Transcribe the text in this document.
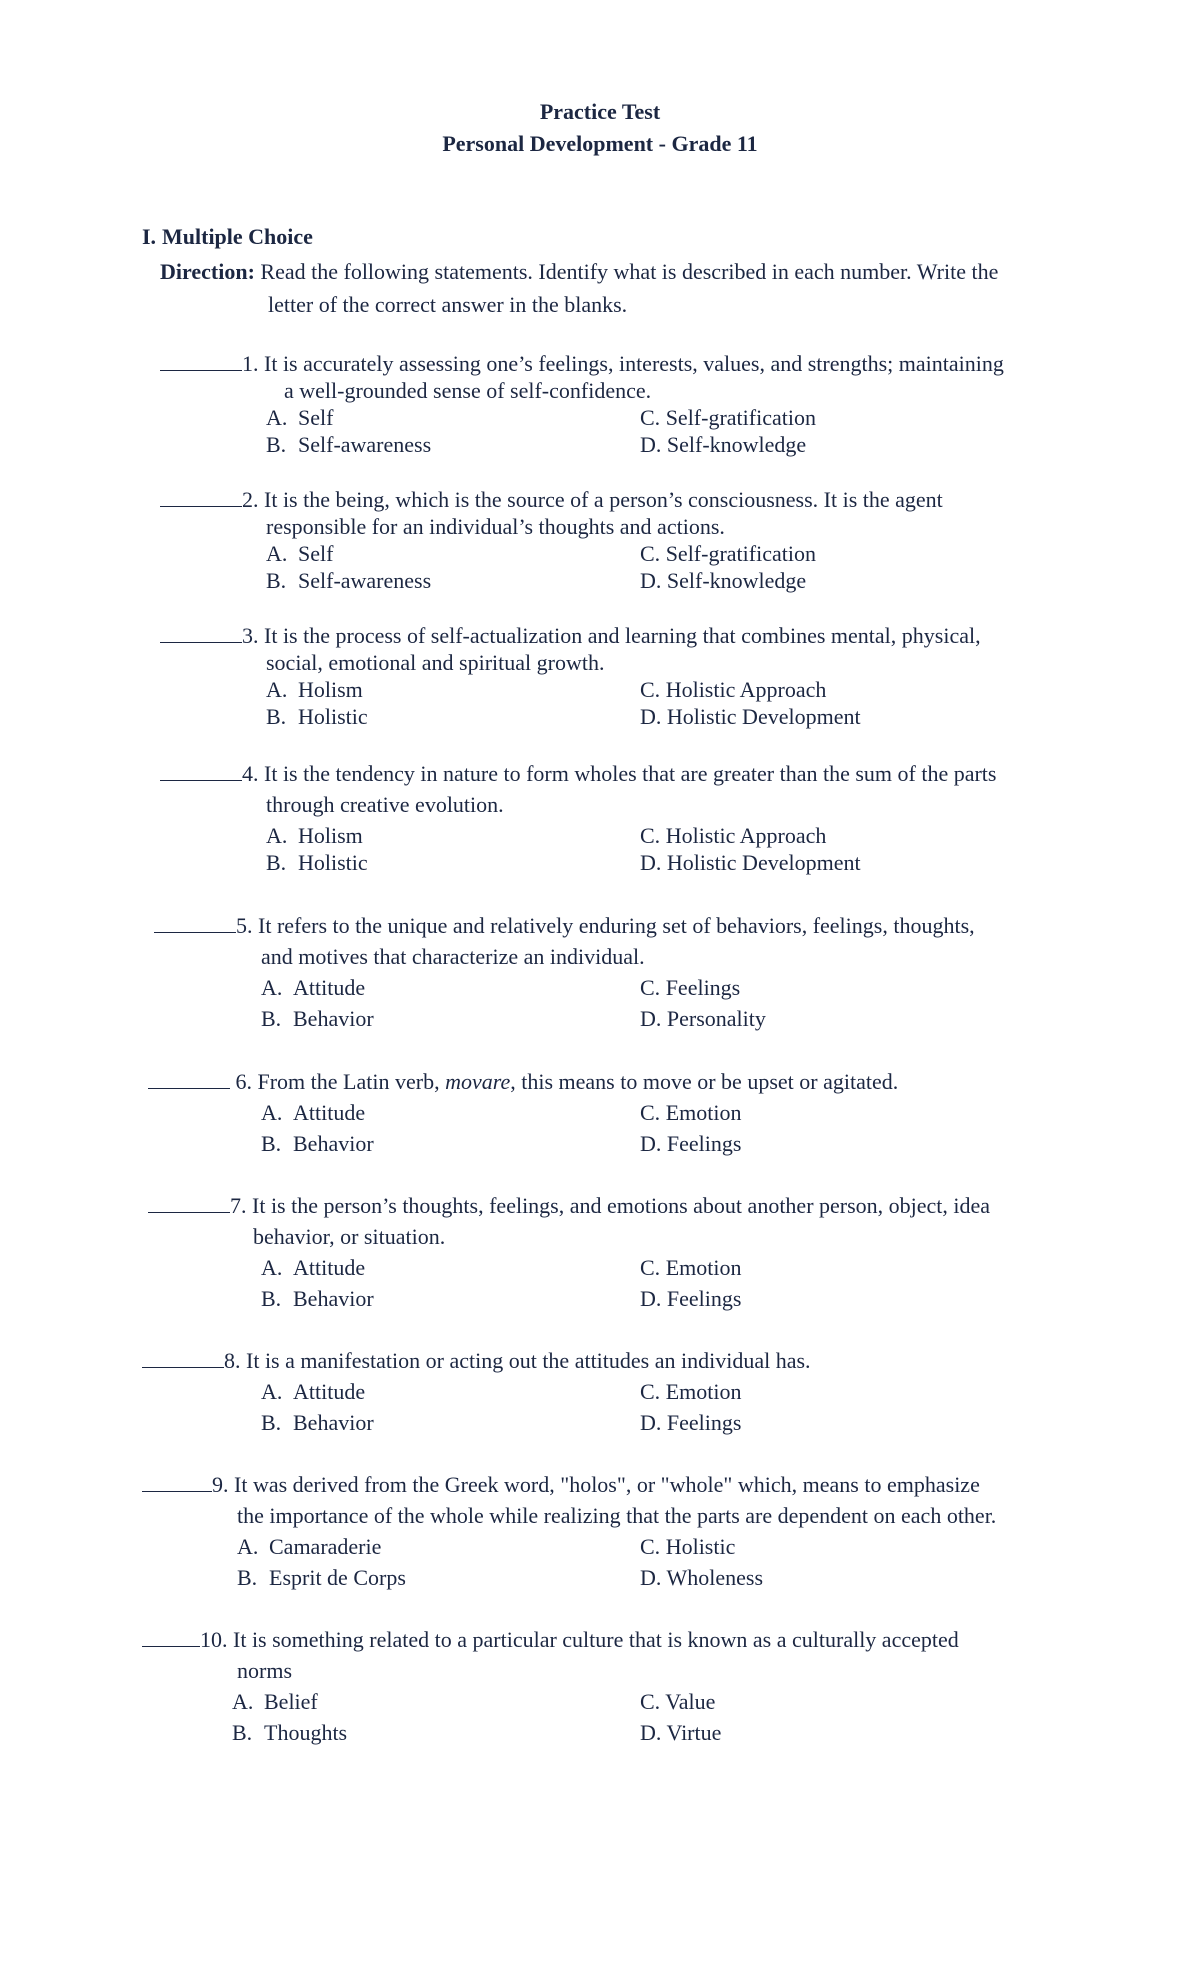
Practice Test
Personal Development - Grade 11
I. Multiple Choice
Direction: Read the following statements. Identify what is described in each number. Write the
letter of the correct answer in the blanks.
1. It is accurately assessing one’s feelings, interests, values, and strengths; maintaining
a well-grounded sense of self-confidence.
A. Self	C. Self-gratification
B. Self-awareness	D. Self-knowledge
2. It is the being, which is the source of a person’s consciousness. It is the agent
responsible for an individual’s thoughts and actions.
A. Self	C. Self-gratification
B. Self-awareness	D. Self-knowledge
3. It is the process of self-actualization and learning that combines mental, physical,
social, emotional and spiritual growth.
A. Holism	C. Holistic Approach
B. Holistic	D. Holistic Development
4. It is the tendency in nature to form wholes that are greater than the sum of the parts
through creative evolution.
A. Holism	C. Holistic Approach
B. Holistic	D. Holistic Development
5. It refers to the unique and relatively enduring set of behaviors, feelings, thoughts,
and motives that characterize an individual.
A. Attitude	C. Feelings
B. Behavior	D. Personality
6. From the Latin verb, movare, this means to move or be upset or agitated.
A. Attitude	C. Emotion
B. Behavior	D. Feelings
7. It is the person’s thoughts, feelings, and emotions about another person, object, idea
behavior, or situation.
A. Attitude	C. Emotion
B. Behavior	D. Feelings
8. It is a manifestation or acting out the attitudes an individual has.
A. Attitude	C. Emotion
B. Behavior	D. Feelings
9. It was derived from the Greek word, "holos", or "whole" which, means to emphasize
the importance of the whole while realizing that the parts are dependent on each other.
A. Camaraderie	C. Holistic
B. Esprit de Corps	D. Wholeness
10. It is something related to a particular culture that is known as a culturally accepted
norms
A. Belief	C. Value
B. Thoughts	D. Virtue
